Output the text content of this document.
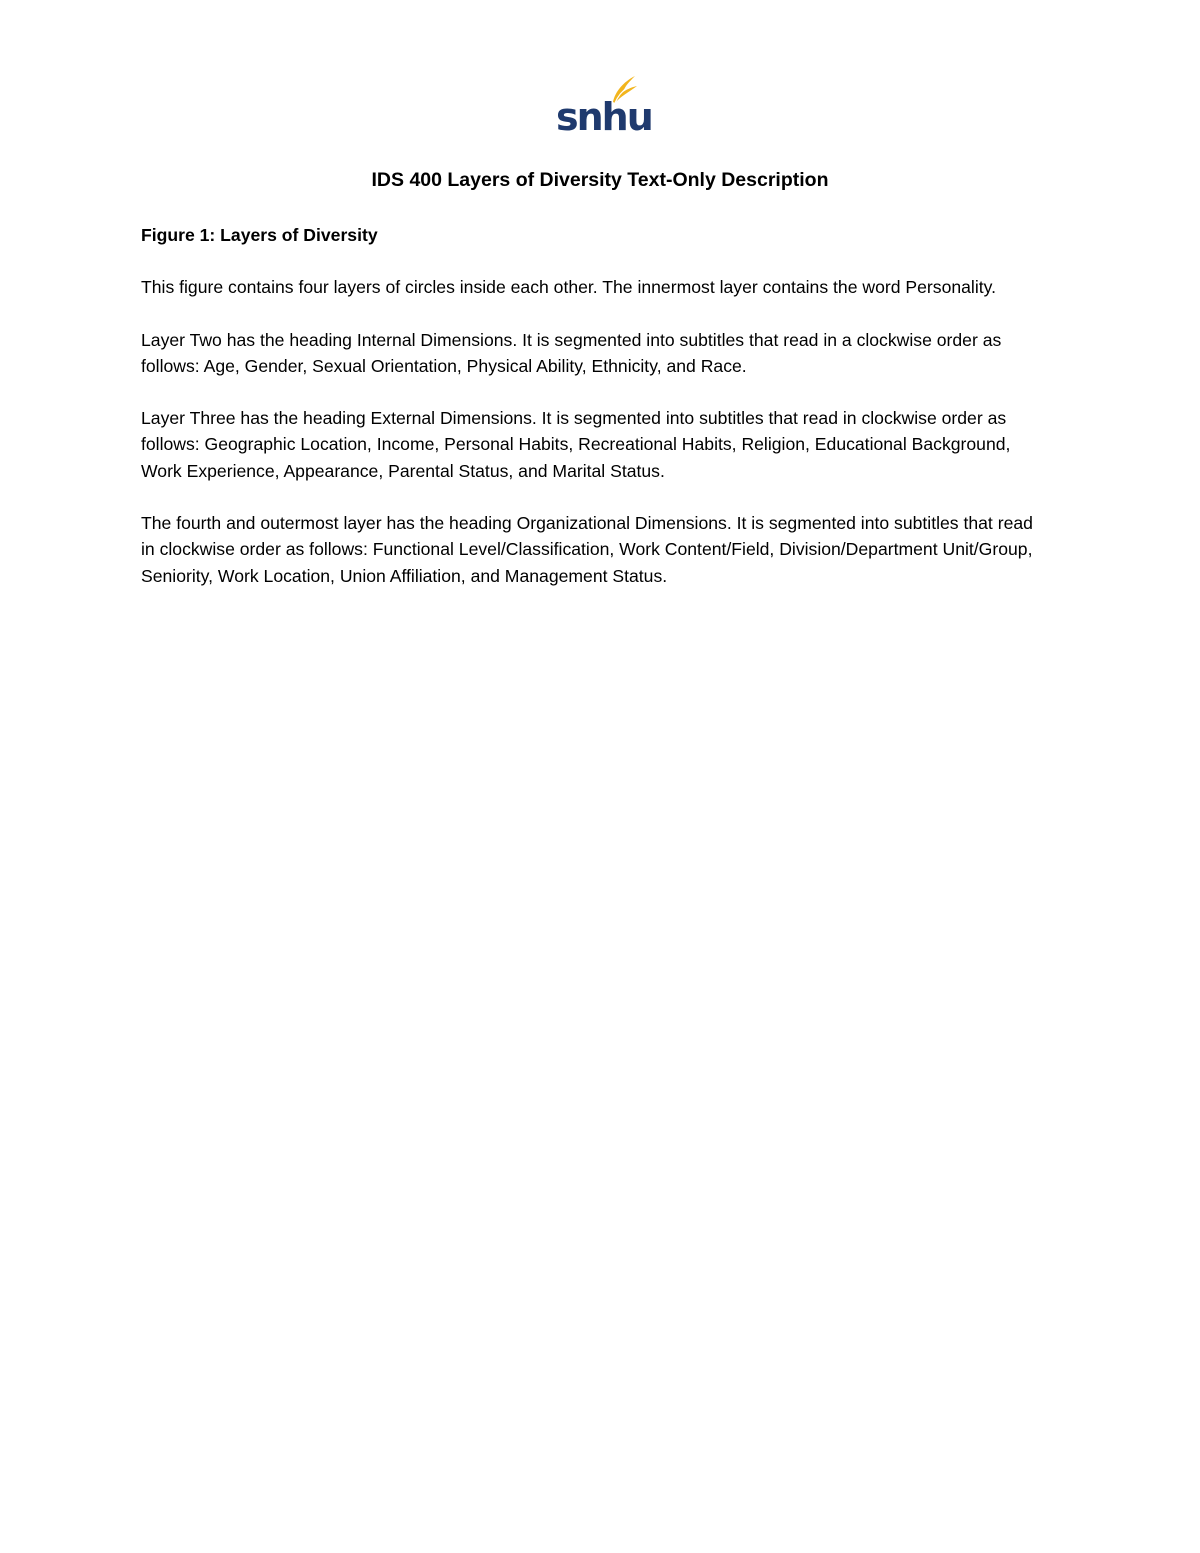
snhu
IDS 400 Layers of Diversity Text-Only Description

Figure 1: Layers of Diversity

This figure contains four layers of circles inside each other. The innermost layer contains the word Personality.

Layer Two has the heading Internal Dimensions. It is segmented into subtitles that read in a clockwise order as follows: Age, Gender, Sexual Orientation, Physical Ability, Ethnicity, and Race.

Layer Three has the heading External Dimensions. It is segmented into subtitles that read in clockwise order as follows: Geographic Location, Income, Personal Habits, Recreational Habits, Religion, Educational Background, Work Experience, Appearance, Parental Status, and Marital Status.

The fourth and outermost layer has the heading Organizational Dimensions. It is segmented into subtitles that read in clockwise order as follows: Functional Level/Classification, Work Content/Field, Division/Department Unit/Group, Seniority, Work Location, Union Affiliation, and Management Status.
